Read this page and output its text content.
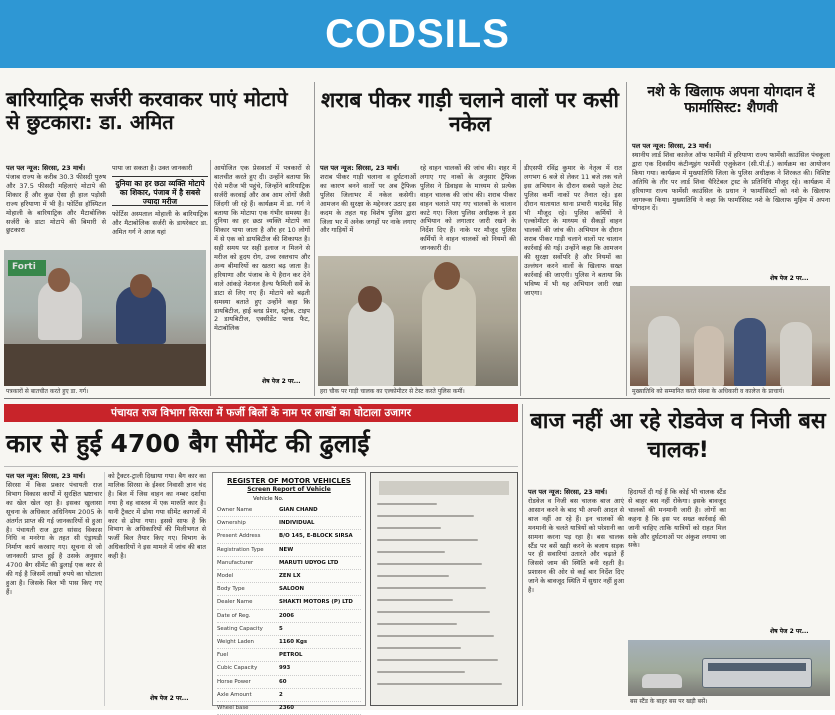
CODSILS
बारियाट्रिक सर्जरी करवाकर पाएं मोटापे से छुटकारा: डा. अमित
पल पल न्यूज: सिरसा, 23 मार्च।
पंजाब राज्य के करीब 30.3 फीसदी पुरुष और 37.5 फीसदी महिलाएं मोटापे की शिकार हैं और कुछ ऐसा ही हाल पड़ोसी राज्य हरियाणा में भी है। फोर्टिस हॉस्पिटल मोहाली के बारियाट्रिक और मैटाबोलिक सर्जरी के डाटा मोटापे की बिमारी से छुटकारा
पाया जा सकता है। उक्त जानकारी
दुनिया का हर छठा व्यक्ति मोटापे का शिकार, पंजाब में है सबसे ज्यादा मरीज
फोर्टिस अस्पताल मोहाली के बारियाट्रिक और मैटाबोलिक सर्जरी के डायरेक्टर डा. अमित गर्ग ने आज यहां
Forti
पत्रकारों से बातचीत करते हुए डा. गर्ग।
आयोजित एक प्रेसवार्ता में पत्रकारों से बातचीत करते हुए दी। उन्होंने बताया कि ऐसे मरीज भी पहुंचे, जिन्होंने बारियाट्रिक सर्जरी करवाई और अब आम लोगों जैसी जिंदगी जी रहे हैं। कार्यक्रम में डा. गर्ग ने बताया कि मोटापा एक गंभीर समस्या है। दुनिया का हर छठा व्यक्ति मोटापे का शिकार पाया जाता है और हर 10 लोगों में से एक को डायबिटीज की शिकायत है। सही समय पर सही इलाज न मिलने से मरीज को हृदय रोग, उच्च रक्तचाप और अन्य बीमारियों का खतरा बढ़ जाता है। हरियाणा और पंजाब के ये हैरान कर देने वाले आंकड़े नेशनल हैल्थ फैमिली सर्वे के डाटा से लिए गए हैं। मोटापे को बढ़ती समस्या बताते हुए उन्होंने कहा कि डायबिटीज, हाई ब्लड प्रेशर, स्ट्रोक, टाइप 2 डायबिटीज, एक्सीडेंट फ्लड फैट, मेटाबोलिक
शेष पेज 2 पर...
शराब पीकर गाड़ी चलाने वालों पर कसी नकेल
पल पल न्यूज: सिरसा, 23 मार्च।
शराब पीकर गाड़ी चलाना व दुर्घटनाओं का कारण बनने वालों पर अब ट्रैफिक पुलिस जिलाभर में नकेल कसेगी। आमजन की सुरक्षा के मद्देनजर उठाए इस कदम के तहत यह विशेष पुलिस द्वारा जिला भर में अनेक जगहों पर नाके लगाए और गाड़ियों में
रहे वाहन चालकों की जांच की। शहर में लगाए गए नाकों के अनुसार ट्रैफिक पुलिस ने डिवाइस के माध्यम से प्रत्येक वाहन चालक की जांच की। शराब पीकर वाहन चलाते पाए गए चालकों के चालान काटे गए। जिला पुलिस अधीक्षक ने इस अभियान को लगातार जारी रखने के निर्देश दिए हैं। नाके पर मौजूद पुलिस कर्मियों ने वाहन चालकों को नियमों की जानकारी दी।
हरा चौक पर गाड़ी चालक का एल्कोमीटर से टेस्ट करते पुलिस कर्मी।
डीएसपी रविंद्र कुमार के नेतृत्व में रात लगभग 6 बजे से लेकर 11 बजे तक चले इस अभियान के दौरान सबसे पहले टेस्ट पुलिस कर्मी नाकों पर तैनात रहे। इस दौरान यातायात थाना प्रभारी यादवेंद्र सिंह भी मौजूद रहे। पुलिस कर्मियों ने एल्कोमीटर के माध्यम से सैकड़ों वाहन चालकों की जांच की। अभियान के दौरान शराब पीकर गाड़ी चलाने वालों पर चालान कार्रवाई की गई। उन्होंने कहा कि आमजन की सुरक्षा सर्वोपरि है और नियमों का उल्लंघन करने वालों के खिलाफ सख्त कार्रवाई की जाएगी। पुलिस ने बताया कि भविष्य में भी यह अभियान जारी रखा जाएगा।
नशे के खिलाफ अपना योगदान दें फार्मासिस्ट: शैणवी
पल पल न्यूज: सिरसा, 23 मार्च।
स्थानीय लार्ड शिवा कालेज ऑफ फार्मेसी में हरियाणा राज्य फार्मेसी काउंसिल पंचकूला द्वारा एक दिवसीय कंटीन्यूइंग फार्मेसी एजुकेशन (सी.पी.ई.) कार्यक्रम का आयोजन किया गया। कार्यक्रम में मुख्यातिथि जिला के पुलिस अधीक्षक ने शिरकत की। विशिष्ट अतिथि के तौर पर लार्ड शिवा चैरिटेबल ट्रस्ट के प्रतिनिधि मौजूद रहे। कार्यक्रम में हरियाणा राज्य फार्मेसी काउंसिल के प्रधान ने फार्मासिस्टों को नशे के खिलाफ जागरूक किया। मुख्यातिथि ने कहा कि फार्मासिस्ट नशे के खिलाफ मुहिम में अपना योगदान दें।
शेष पेज 2 पर...
मुख्यातिथि को सम्मानित करते संस्था के अधिकारी व कालेज के प्राचार्य।
पंचायत राज विभाग सिरसा में फर्जी बिलों के नाम पर लाखों का घोटाला उजागर
कार से हुई 4700 बैग सीमेंट की ढुलाई
पल पल न्यूज: सिरसा, 23 मार्च।
सिरसा में किस प्रकार पंचायती राज विभाग विकास कार्यों में सुरक्षित भ्रष्टाचार का खेल खेल रहा है। इसका खुलासा सूचना के अधिकार अधिनियम 2005 के अंतर्गत प्राप्त की गई जानकारियों से हुआ है। पंचायती राज द्वारा सांसद विकास निधि व मनरेगा के तहत सी एंड्रायडी निर्माण कार्य करवाए गए। सूचना से जो जानकारी प्राप्त हुई है उसके अनुसार 4700 बैग सीमेंट की ढुलाई एक कार से की गई है जिसमें लाखों रुपये का घोटाला हुआ है। जिसके बिल भी पास किए गए हैं।
को ट्रैक्टर-ट्राली दिखाया गया। बैग कार का मालिक सिरसा के ईश्वर निवासी ज्ञान चंद है। बिल में जिस वाहन का नम्बर दर्शाया गया है वह वास्तव में एक मारुति कार है। यानी ट्रैक्टर में ढोया गया सीमेंट कागजों में कार से ढोया गया। इससे साफ है कि विभाग के अधिकारियों की मिलीभगत से फर्जी बिल तैयार किए गए। विभाग के अधिकारियों ने इस मामले में जांच की बात कही है।
शेष पेज 2 पर...
REGISTER OF MOTOR VEHICLES
Screen Report of Vehicle
Vehicle No.
Owner Name	GIAN CHAND
Ownership	INDIVIDUAL
Present Address	B/O 145, E-BLOCK SIRSA
Registration Type	NEW
Manufacturer	MARUTI UDYOG LTD
Model	ZEN LX
Body Type	SALOON
Dealer Name	SHAKTI MOTORS (P) LTD
Date of Reg.	2006
Seating Capacity	5
Weight Laden	1160 Kgs
Fuel	PETROL
Cubic Capacity	993
Horse Power	60
Axle Amount	2
Wheel base	2360
बाज नहीं आ रहे रोडवेज व निजी बस चालक!
पल पल न्यूज: सिरसा, 23 मार्च।
रोडवेज व निजी बस चालक बाज आएं आसान करने के बाद भी अपनी आदत से बाज नहीं आ रहे हैं। इन चालकों की मनमानी के चलते यात्रियों को परेशानी का सामना करना पड़ रहा है। बस चालक स्टैंड पर बसें खड़ी करने के बजाय सड़क पर ही सवारियां उतारते और चढ़ाते हैं जिससे जाम की स्थिति बनी रहती है। प्रशासन की ओर से कई बार निर्देश दिए जाने के बावजूद स्थिति में सुधार नहीं हुआ है।
हिदायतें दी गई हैं कि कोई भी चालक स्टैंड से बाहर बस नहीं रोकेगा। इसके बावजूद चालकों की मनमानी जारी है। लोगों का कहना है कि इस पर सख्त कार्रवाई की जानी चाहिए ताकि यात्रियों को राहत मिल सके और दुर्घटनाओं पर अंकुश लगाया जा सके।
शेष पेज 2 पर...
बस स्टैंड के बाहर बस पर खड़ी बसें।
